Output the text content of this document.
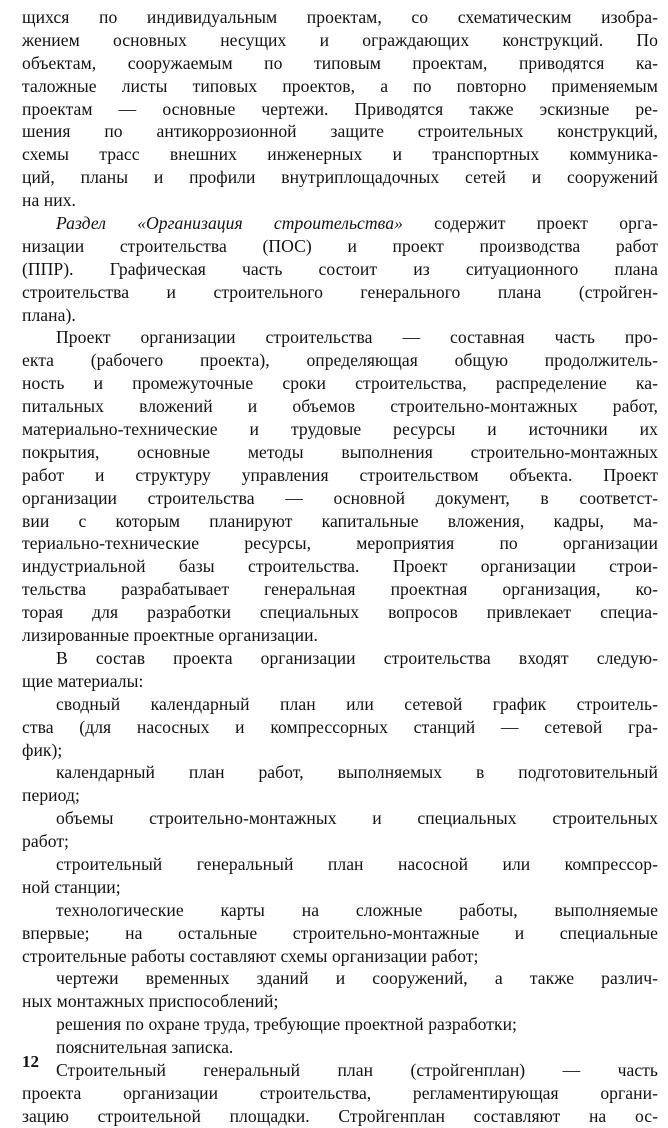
щихся по индивидуальным проектам, со схематическим изобра-
жением основных несущих и ограждающих конструкций. По
объектам, сооружаемым по типовым проектам, приводятся ка-
таложные листы типовых проектов, а по повторно применяемым
проектам — основные чертежи. Приводятся также эскизные ре-
шения по антикоррозионной защите строительных конструкций,
схемы трасс внешних инженерных и транспортных коммуника-
ций, планы и профили внутриплощадочных сетей и сооружений
на них.
Раздел «Организация строительства» содержит проект орга-
низации строительства (ПОС) и проект производства работ
(ППР). Графическая часть состоит из ситуационного плана
строительства и строительного генерального плана (стройген-
плана).
Проект организации строительства — составная часть про-
екта (рабочего проекта), определяющая общую продолжитель-
ность и промежуточные сроки строительства, распределение ка-
питальных вложений и объемов строительно-монтажных работ,
материально-технические и трудовые ресурсы и источники их
покрытия, основные методы выполнения строительно-монтажных
работ и структуру управления строительством объекта. Проект
организации строительства — основной документ, в соответст-
вии с которым планируют капитальные вложения, кадры, ма-
териально-технические ресурсы, мероприятия по организации
индустриальной базы строительства. Проект организации строи-
тельства разрабатывает генеральная проектная организация, ко-
торая для разработки специальных вопросов привлекает специа-
лизированные проектные организации.
В состав проекта организации строительства входят следую-
щие материалы:
сводный календарный план или сетевой график строитель-
ства (для насосных и компрессорных станций — сетевой гра-
фик);
календарный план работ, выполняемых в подготовительный
период;
объемы строительно-монтажных и специальных строительных
работ;
строительный генеральный план насосной или компрессор-
ной станции;
технологические карты на сложные работы, выполняемые
впервые; на остальные строительно-монтажные и специальные
строительные работы составляют схемы организации работ;
чертежи временных зданий и сооружений, а также различ-
ных монтажных приспособлений;
решения по охране труда, требующие проектной разработки;
пояснительная записка.
Строительный генеральный план (стройгенплан) — часть
проекта организации строительства, регламентирующая органи-
зацию строительной площадки. Стройгенплан составляют на ос-
12
